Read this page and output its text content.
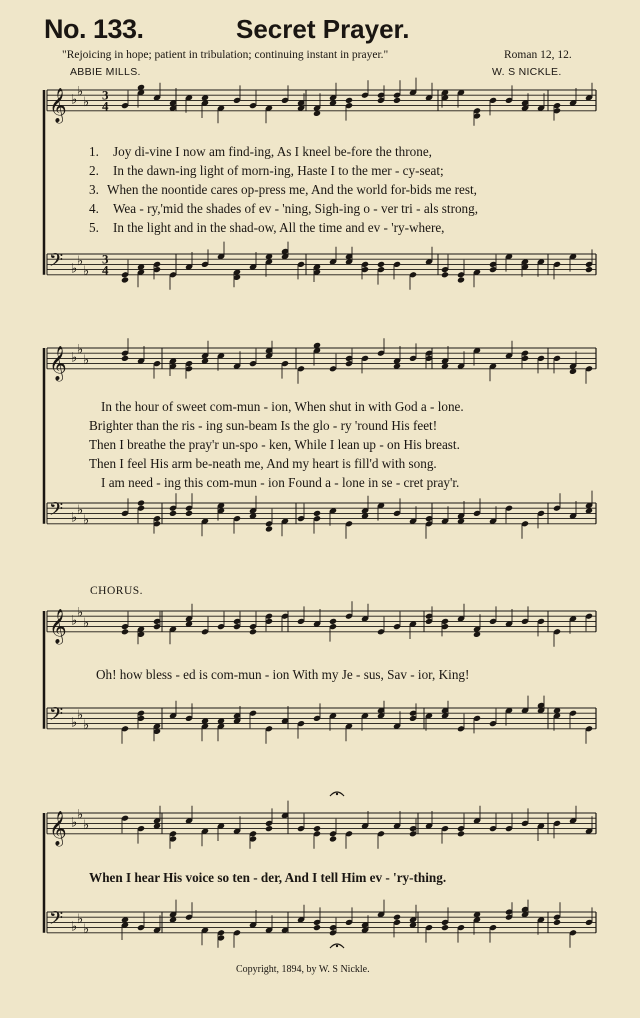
𝄞 ♭
♭
♭
𝄢 ♭
♭
♭
3
4
3
4
𝄞 ♭
♭
♭
𝄢 ♭
♭
♭
𝄞 ♭
♭
♭
𝄢 ♭
♭
♭
𝄞 ♭
♭
♭
𝄢 ♭
♭
♭
No. 133.	Secret Prayer.
"Rejoicing in hope; patient in tribulation; continuing instant in prayer."	Roman 12, 12.
ABBIE MILLS.	W. S NICKLE.
1. Joy di-vine I now am find-ing, As I kneel be-fore the throne,
2. In the dawn-ing light of morn-ing, Haste I to the mer - cy-seat;
3. When the noontide cares op-press me, And the world for-bids me rest,
4. Wea - ry,'mid the shades of ev - 'ning, Sigh-ing o - ver tri - als strong,
5. In the light and in the shad-ow, All the time and ev - 'ry-where,
In the hour of sweet com-mun - ion, When shut in with God a - lone.
Brighter than the ris - ing sun-beam Is the glo - ry 'round His feet!
Then I breathe the pray'r un-spo - ken, While I lean up - on His breast.
Then I feel His arm be-neath me, And my heart is fill'd with song.
I am need - ing this com-mun - ion Found a - lone in se - cret pray'r.
CHORUS.
Oh! how bless - ed is com-mun - ion With my Je - sus, Sav - ior, King!
When I hear His voice so ten - der, And I tell Him ev - 'ry-thing.
Copyright, 1894, by W. S Nickle.
